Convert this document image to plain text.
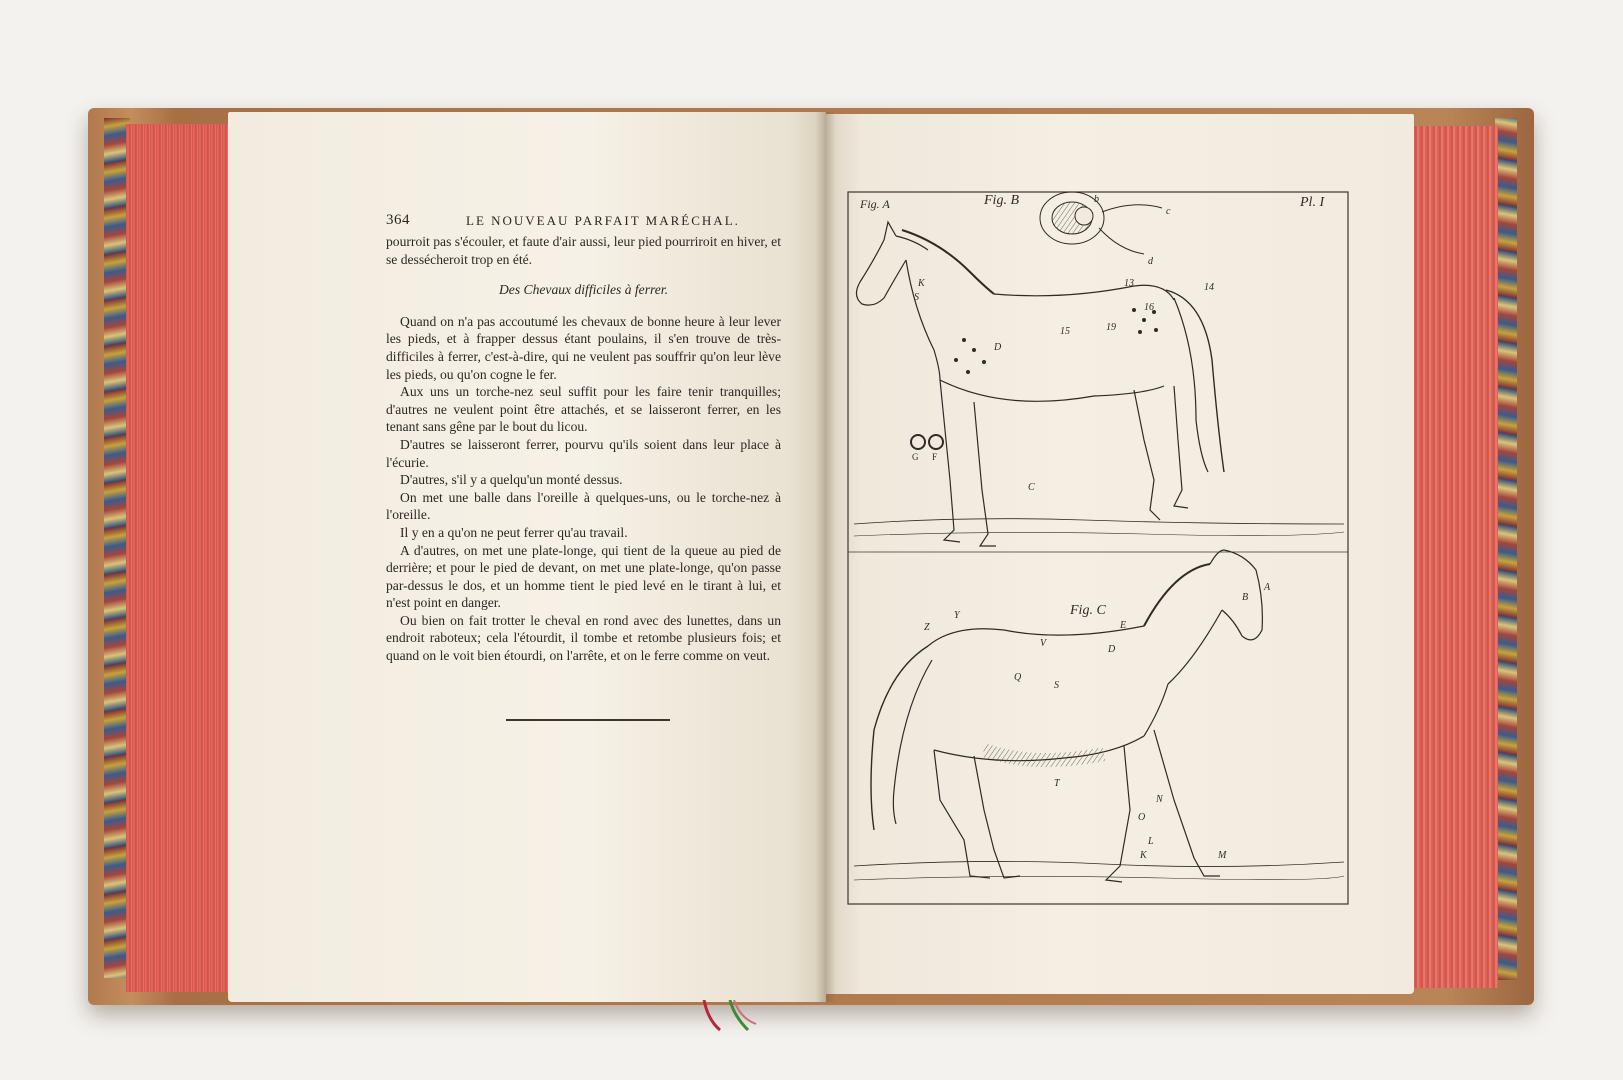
364	LE NOUVEAU PARFAIT MARÉCHAL.

pourroit pas s'écouler, et faute d'air aussi, leur pied pourriroit en hiver, et se dessécheroit trop en été.

Des Chevaux difficiles à ferrer.

Quand on n'a pas accoutumé les chevaux de bonne heure à leur lever les pieds, et à frapper dessus étant poulains, il s'en trouve de très-difficiles à ferrer, c'est-à-dire, qui ne veulent pas souffrir qu'on leur lève les pieds, ou qu'on cogne le fer.

Aux uns un torche-nez seul suffit pour les faire tenir tranquilles; d'autres ne veulent point être attachés, et se laisseront ferrer, en les tenant sans gêne par le bout du licou.

D'autres se laisseront ferrer, pourvu qu'ils soient dans leur place à l'écurie.

D'autres, s'il y a quelqu'un monté dessus.

On met une balle dans l'oreille à quelques-uns, ou le torche-nez à l'oreille.

Il y en a qu'on ne peut ferrer qu'au travail.

A d'autres, on met une plate-longe, qui tient de la queue au pied de derrière; et pour le pied de devant, on met une plate-longe, qu'on passe par-dessus le dos, et un homme tient le pied levé en le tirant à lui, et n'est point en danger.

Ou bien on fait trotter le cheval en rond avec des lunettes, dans un endroit raboteux; cela l'étourdit, il tombe et retombe plusieurs fois; et quand on le voit bien étourdi, on l'arrête, et on le ferre comme on veut.

Fig. A	Fig. B	Pl. I
Fig. C
c
b
d
K
S
D
15
16
19
13	14
C
G F
Z
Y
V
E
D
Q
S
T
A
B
M
K
O
N
L
